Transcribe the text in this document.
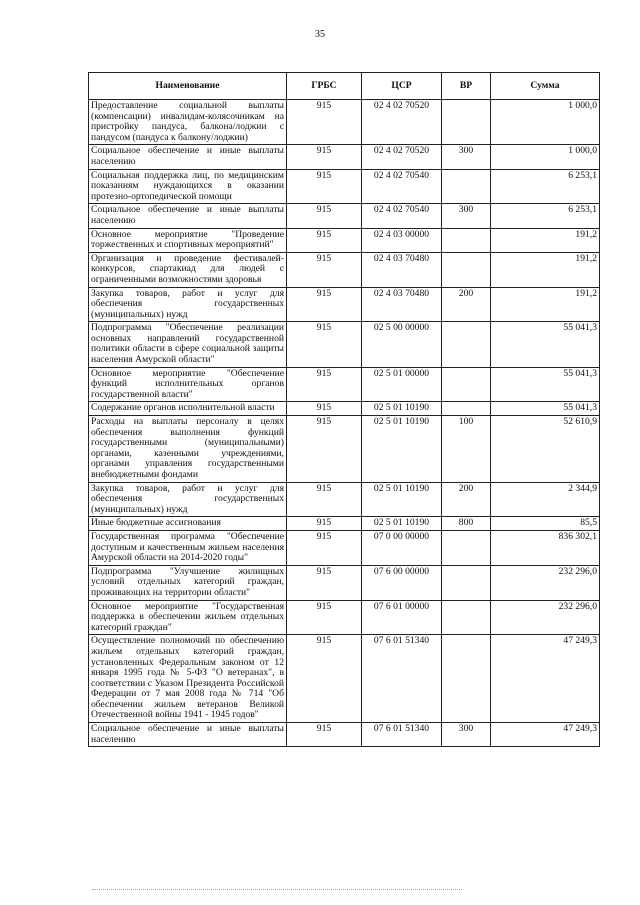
35
Наименование	ГРБС	ЦСР	ВР	Сумма
Предоставление социальной выплаты (компенсации) инвалидам-колясочникам на пристройку пандуса, балкона/лоджии с пандусом (пандуса к балкону/лоджии)	915	02 4 02 70520		1 000,0
Социальное обеспечение и иные выплаты населению	915	02 4 02 70520	300	1 000,0
Социальная поддержка лиц, по медицинским показаниям нуждающихся в оказании протезно-ортопедической помощи	915	02 4 02 70540		6 253,1
Социальное обеспечение и иные выплаты населению	915	02 4 02 70540	300	6 253,1
Основное мероприятие "Проведение торжественных и спортивных мероприятий"	915	02 4 03 00000		191,2
Организация и проведение фестивалей-конкурсов, спартакиад для людей с ограниченными возможностями здоровья	915	02 4 03 70480		191,2
Закупка товаров, работ и услуг для обеспечения государственных (муниципальных) нужд	915	02 4 03 70480	200	191,2
Подпрограмма "Обеспечение реализации основных направлений государственной политики области в сфере социальной защиты населения Амурской области"	915	02 5 00 00000		55 041,3
Основное мероприятие "Обеспечение функций исполнительных органов государственной власти"	915	02 5 01 00000		55 041,3
Содержание органов исполнительной власти	915	02 5 01 10190		55 041,3
Расходы на выплаты персоналу в целях обеспечения выполнения функций государственными (муниципальными) органами, казенными учреждениями, органами управления государственными внебюджетными фондами	915	02 5 01 10190	100	52 610,9
Закупка товаров, работ и услуг для обеспечения государственных (муниципальных) нужд	915	02 5 01 10190	200	2 344,9
Иные бюджетные ассигнования	915	02 5 01 10190	800	85,5
Государственная программа "Обеспечение доступным и качественным жильем населения Амурской области на 2014-2020 годы"	915	07 0 00 00000		836 302,1
Подпрограмма "Улучшение жилищных условий отдельных категорий граждан, проживающих на территории области"	915	07 6 00 00000		232 296,0
Основное мероприятие "Государственная поддержка в обеспечении жильем отдельных категорий граждан"	915	07 6 01 00000		232 296,0
Осуществление полномочий по обеспечению жильем отдельных категорий граждан, установленных Федеральным законом от 12 января 1995 года № 5-ФЗ "О ветеранах", в соответствии с Указом Президента Российской Федерации от 7 мая 2008 года № 714 "Об обеспечении жильем ветеранов Великой Отечественной войны 1941 - 1945 годов"	915	07 6 01 51340		47 249,3
Социальное обеспечение и иные выплаты населению	915	07 6 01 51340	300	47 249,3
